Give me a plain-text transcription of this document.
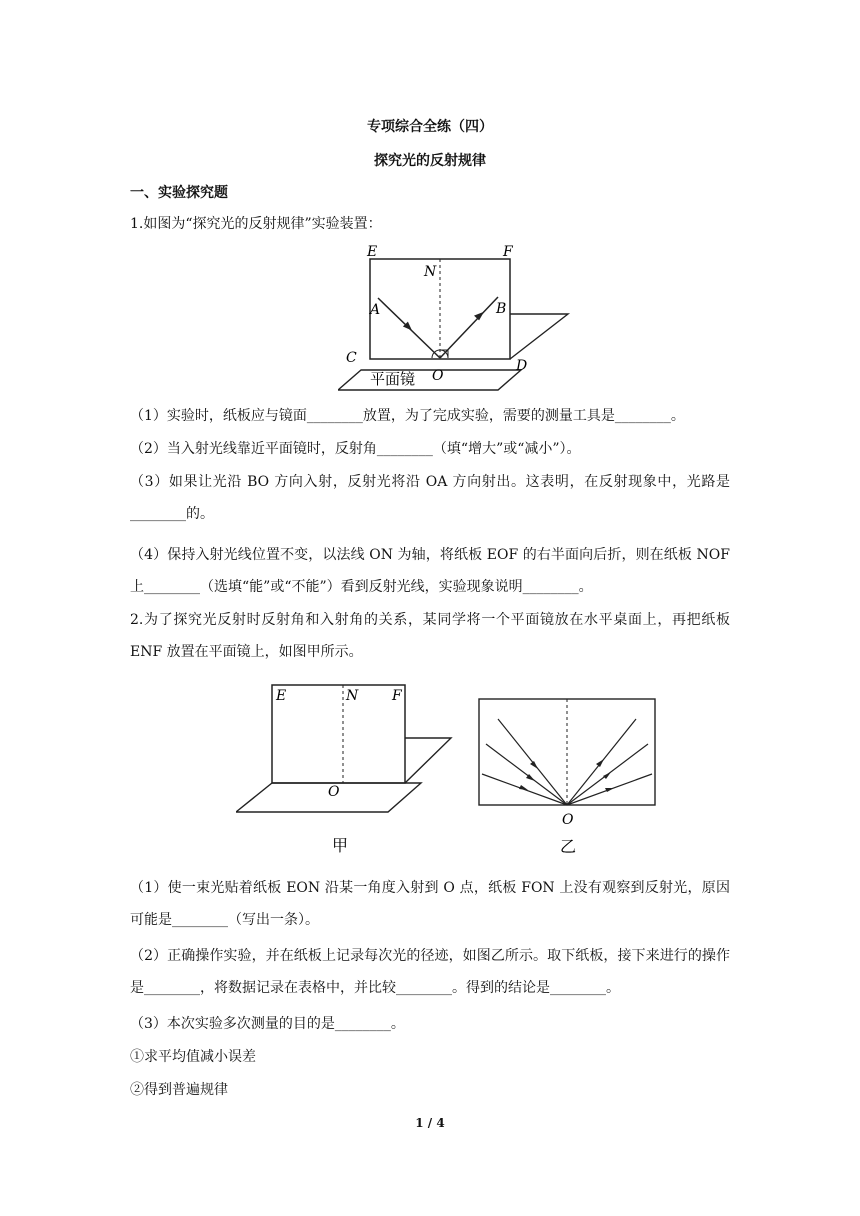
专项综合全练（四）
探究光的反射规律
一、实验探究题

1.如图为“探究光的反射规律”实验装置：

E	F
N
A	B
C	D
O
平面镜

（1）实验时，纸板应与镜面________放置，为了完成实验，需要的测量工具是________。

（2）当入射光线靠近平面镜时，反射角________（填“增大”或“减小”）。

（3）如果让光沿 BO 方向入射，反射光将沿 OA 方向射出。这表明，在反射现象中，光路是________的。

（4）保持入射光线位置不变，以法线 ON 为轴，将纸板 EOF 的右半面向后折，则在纸板 NOF 上________（选填“能”或“不能”）看到反射光线，实验现象说明________。

2.为了探究光反射时反射角和入射角的关系，某同学将一个平面镜放在水平桌面上，再把纸板 ENF 放置在平面镜上，如图甲所示。

E	N F
O
甲
O
乙

（1）使一束光贴着纸板 EON 沿某一角度入射到 O 点，纸板 FON 上没有观察到反射光，原因可能是________（写出一条）。

（2）正确操作实验，并在纸板上记录每次光的径迹，如图乙所示。取下纸板，接下来进行的操作是________，将数据记录在表格中，并比较________。得到的结论是________。

（3）本次实验多次测量的目的是________。

①求平均值减小误差

②得到普遍规律

1 / 4
